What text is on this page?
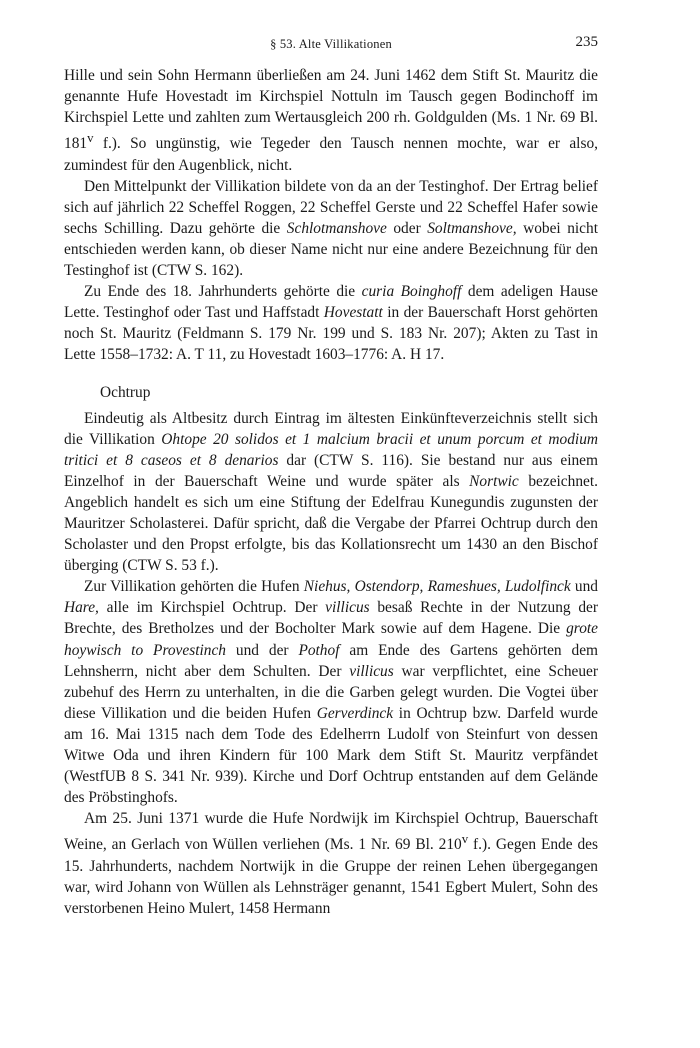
§ 53. Alte Villikationen	235

Hille und sein Sohn Hermann überließen am 24. Juni 1462 dem Stift St. Mauritz die genannte Hufe Hovestadt im Kirchspiel Nottuln im Tausch gegen Bodinchoff im Kirchspiel Lette und zahlten zum Wertausgleich 200 rh. Goldgulden (Ms. 1 Nr. 69 Bl. 181$^v$ f.). So ungünstig, wie Tegeder den Tausch nennen mochte, war er also, zumindest für den Augenblick, nicht.

Den Mittelpunkt der Villikation bildete von da an der Testinghof. Der Ertrag belief sich auf jährlich 22 Scheffel Roggen, 22 Scheffel Gerste und 22 Scheffel Hafer sowie sechs Schilling. Dazu gehörte die Schlotmanshove oder Soltmanshove, wobei nicht entschieden werden kann, ob dieser Name nicht nur eine andere Bezeichnung für den Testinghof ist (CTW S. 162).

Zu Ende des 18. Jahrhunderts gehörte die curia Boinghoff dem adeligen Hause Lette. Testinghof oder Tast und Haffstadt Hovestatt in der Bauerschaft Horst gehörten noch St. Mauritz (Feldmann S. 179 Nr. 199 und S. 183 Nr. 207); Akten zu Tast in Lette 1558–1732: A. T 11, zu Hovestadt 1603–1776: A. H 17.

Ochtrup

Eindeutig als Altbesitz durch Eintrag im ältesten Einkünfteverzeichnis stellt sich die Villikation Ohtope 20 solidos et 1 malcium bracii et unum porcum et modium tritici et 8 caseos et 8 denarios dar (CTW S. 116). Sie bestand nur aus einem Einzelhof in der Bauerschaft Weine und wurde später als Nortwic bezeichnet. Angeblich handelt es sich um eine Stiftung der Edelfrau Kunegundis zugunsten der Mauritzer Scholasterei. Dafür spricht, daß die Vergabe der Pfarrei Ochtrup durch den Scholaster und den Propst erfolgte, bis das Kollationsrecht um 1430 an den Bischof überging (CTW S. 53 f.).

Zur Villikation gehörten die Hufen Niehus, Ostendorp, Rameshues, Ludolfinck und Hare, alle im Kirchspiel Ochtrup. Der villicus besaß Rechte in der Nutzung der Brechte, des Bretholzes und der Bocholter Mark sowie auf dem Hagene. Die grote hoywisch to Provestinch und der Pothof am Ende des Gartens gehörten dem Lehnsherrn, nicht aber dem Schulten. Der villicus war verpflichtet, eine Scheuer zubehuf des Herrn zu unterhalten, in die die Garben gelegt wurden. Die Vogtei über diese Villikation und die beiden Hufen Gerverdinck in Ochtrup bzw. Darfeld wurde am 16. Mai 1315 nach dem Tode des Edelherrn Ludolf von Steinfurt von dessen Witwe Oda und ihren Kindern für 100 Mark dem Stift St. Mauritz verpfändet (WestfUB 8 S. 341 Nr. 939). Kirche und Dorf Ochtrup entstanden auf dem Gelände des Pröbstinghofs.

Am 25. Juni 1371 wurde die Hufe Nordwijk im Kirchspiel Ochtrup, Bauerschaft Weine, an Gerlach von Wüllen verliehen (Ms. 1 Nr. 69 Bl. 210$^v$ f.). Gegen Ende des 15. Jahrhunderts, nachdem Nortwijk in die Gruppe der reinen Lehen übergegangen war, wird Johann von Wüllen als Lehnsträger genannt, 1541 Egbert Mulert, Sohn des verstorbenen Heino Mulert, 1458 Hermann
